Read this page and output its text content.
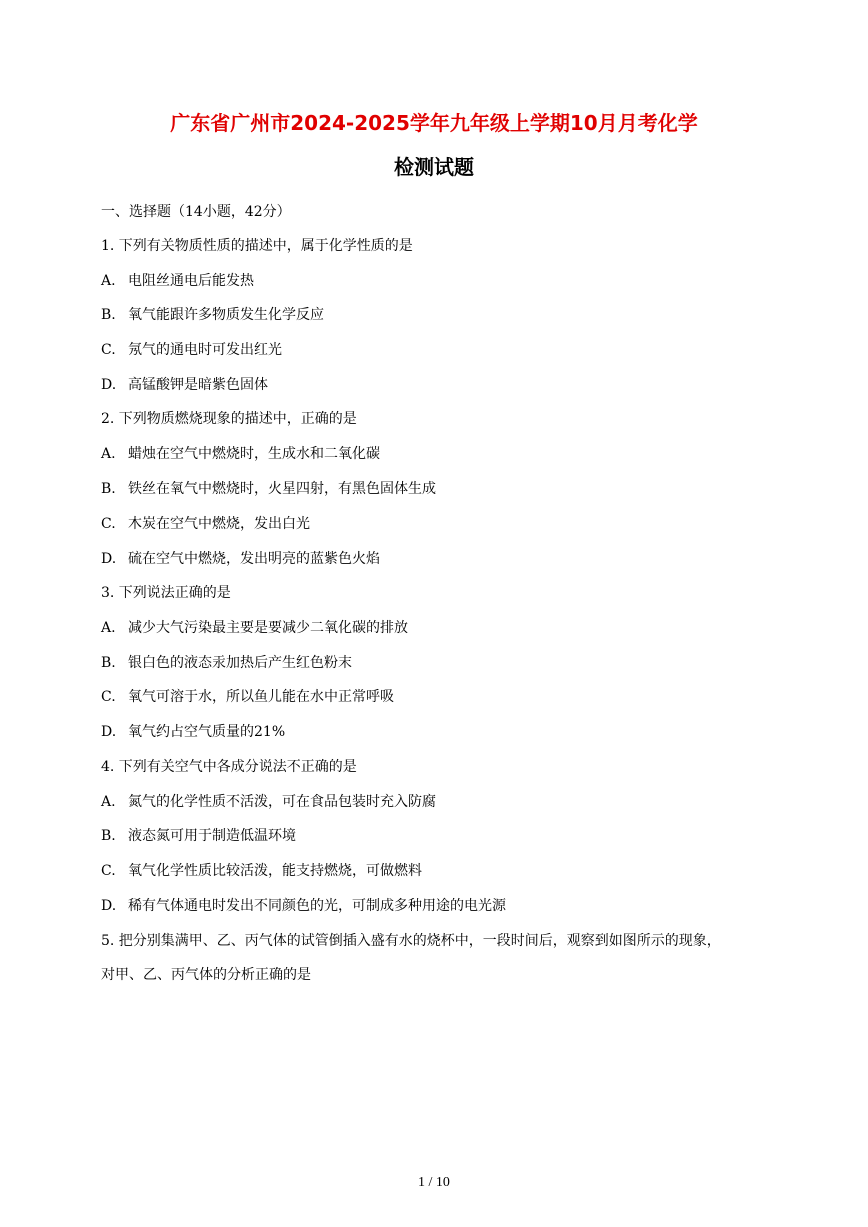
广东省广州市2024-2025学年九年级上学期10月月考化学
检测试题
一、选择题（14小题，42分）
1. 下列有关物质性质的描述中，属于化学性质的是
A. 电阻丝通电后能发热
B. 氧气能跟许多物质发生化学反应
C. 氖气的通电时可发出红光
D. 高锰酸钾是暗紫色固体
2. 下列物质燃烧现象的描述中，正确的是
A. 蜡烛在空气中燃烧时，生成水和二氧化碳
B. 铁丝在氧气中燃烧时，火星四射，有黑色固体生成
C. 木炭在空气中燃烧，发出白光
D. 硫在空气中燃烧，发出明亮的蓝紫色火焰
3. 下列说法正确的是
A. 减少大气污染最主要是要减少二氧化碳的排放
B. 银白色的液态汞加热后产生红色粉末
C. 氧气可溶于水，所以鱼儿能在水中正常呼吸
D. 氧气约占空气质量的21%
4. 下列有关空气中各成分说法不正确的是
A. 氮气的化学性质不活泼，可在食品包装时充入防腐
B. 液态氮可用于制造低温环境
C. 氧气化学性质比较活泼，能支持燃烧，可做燃料
D. 稀有气体通电时发出不同颜色的光，可制成多种用途的电光源
5. 把分别集满甲、乙、丙气体的试管倒插入盛有水的烧杯中，一段时间后，观察到如图所示的现象，
对甲、乙、丙气体的分析正确的是
1 / 10
